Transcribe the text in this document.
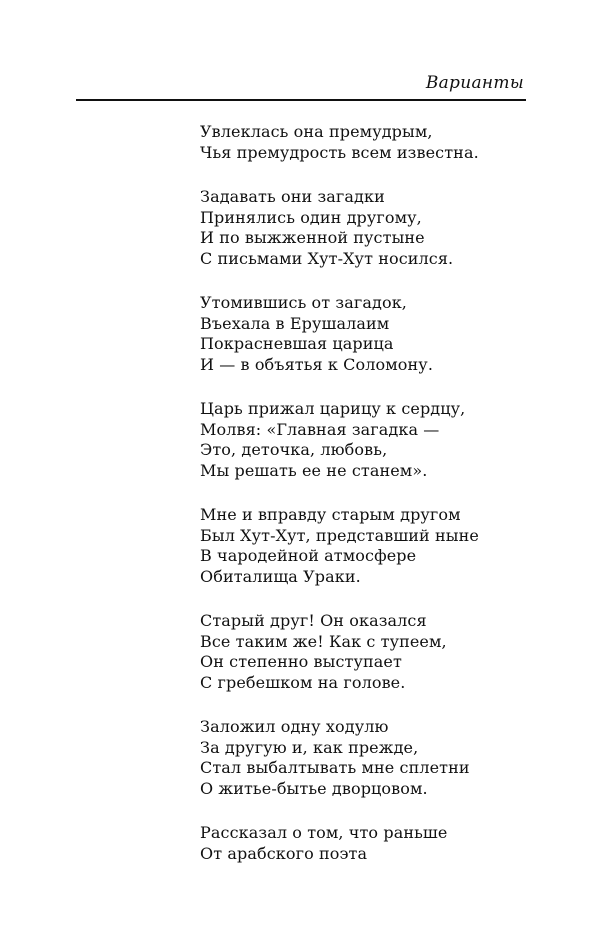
Варианты
Увлеклась она премудрым,
Чья премудрость всем известна.
Задавать они загадки
Принялись один другому,
И по выжженной пустыне
С письмами Хут-Хут носился.
Утомившись от загадок,
Въехала в Ерушалаим
Покрасневшая царица
И — в объятья к Соломону.
Царь прижал царицу к сердцу,
Молвя: «Главная загадка —
Это, деточка, любовь,
Мы решать ее не станем».
Мне и вправду старым другом
Был Хут-Хут, представший ныне
В чародейной атмосфере
Обиталища Ураки.
Старый друг! Он оказался
Все таким же! Как с тупеем,
Он степенно выступает
С гребешком на голове.
Заложил одну ходулю
За другую и, как прежде,
Стал выбалтывать мне сплетни
О житье-бытье дворцовом.
Рассказал о том, что раньше
От арабского поэта
